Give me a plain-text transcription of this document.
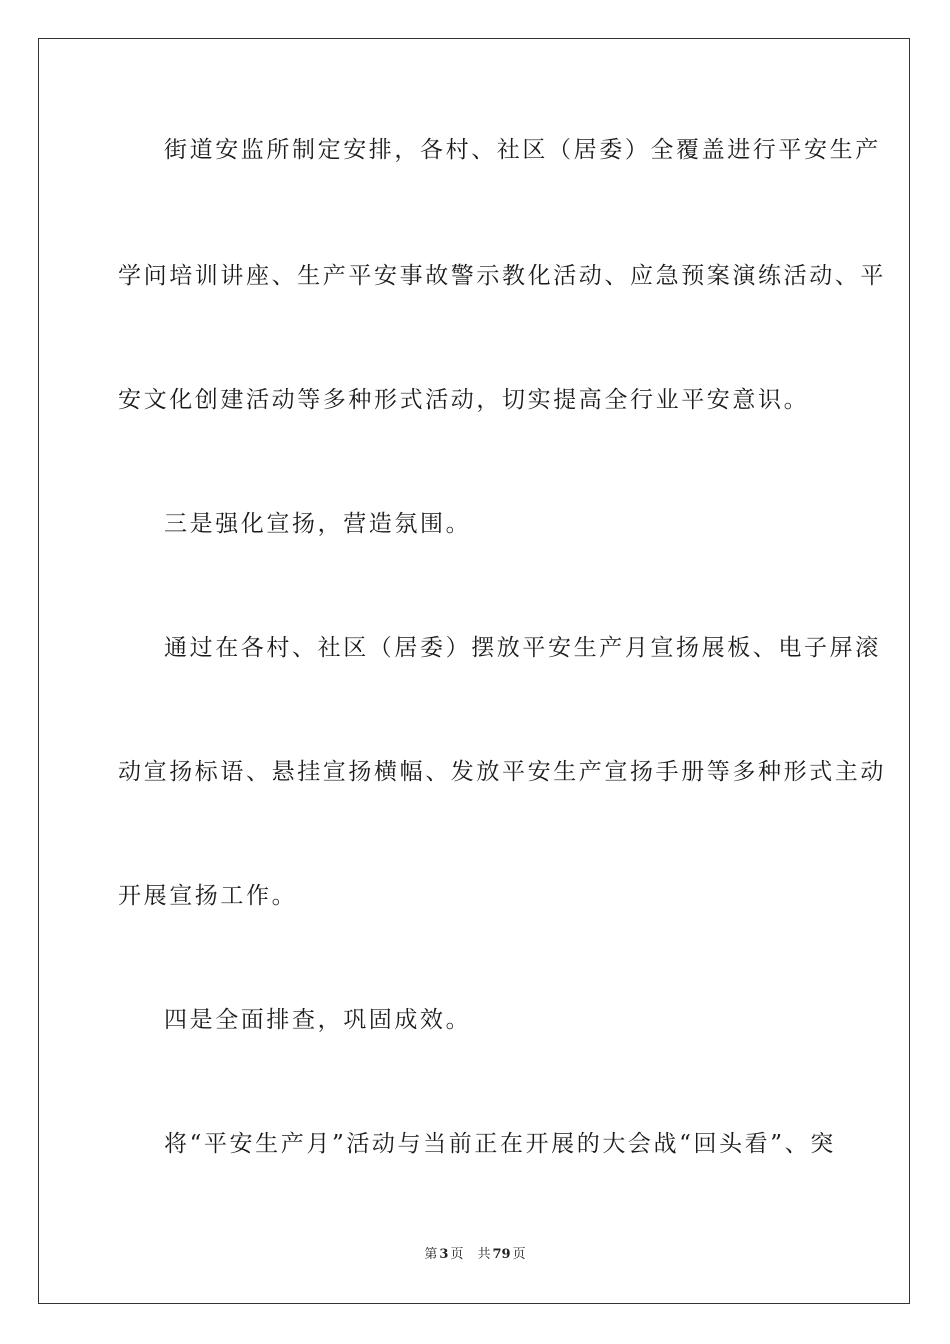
街道安监所制定安排，各村、社区（居委）全覆盖进行平安生产
学问培训讲座、生产平安事故警示教化活动、应急预案演练活动、平
安文化创建活动等多种形式活动，切实提高全行业平安意识。
三是强化宣扬，营造氛围。
通过在各村、社区（居委）摆放平安生产月宣扬展板、电子屏滚
动宣扬标语、悬挂宣扬横幅、发放平安生产宣扬手册等多种形式主动
开展宣扬工作。
四是全面排查，巩固成效。
将“平安生产月”活动与当前正在开展的大会战“回头看”、突
第 3 页 共 79 页
